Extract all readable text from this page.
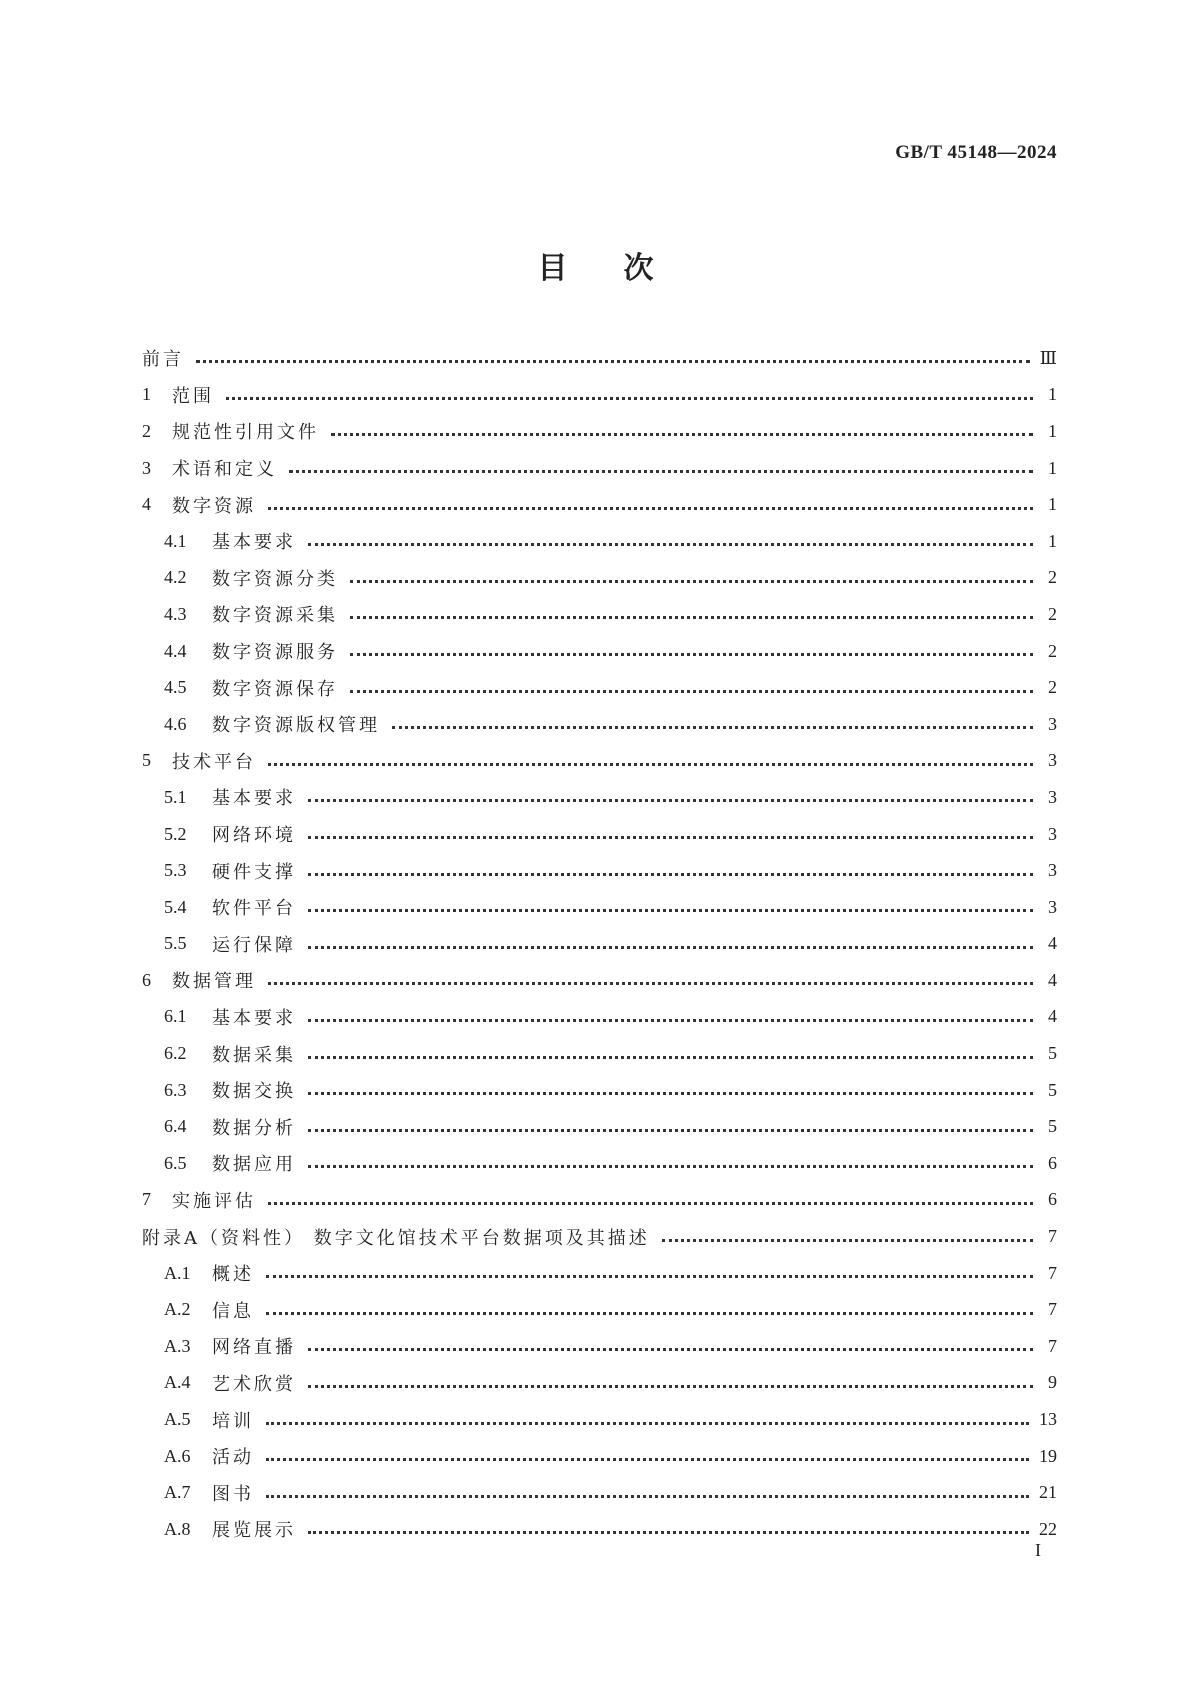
GB/T 45148—2024
目次
前言	Ⅲ
1	范围	1
2	规范性引用文件	1
3	术语和定义	1
4	数字资源	1
4.1	基本要求	1
4.2	数字资源分类	2
4.3	数字资源采集	2
4.4	数字资源服务	2
4.5	数字资源保存	2
4.6	数字资源版权管理	3
5	技术平台	3
5.1	基本要求	3
5.2	网络环境	3
5.3	硬件支撑	3
5.4	软件平台	3
5.5	运行保障	4
6	数据管理	4
6.1	基本要求	4
6.2	数据采集	5
6.3	数据交换	5
6.4	数据分析	5
6.5	数据应用	6
7	实施评估	6
附录A（资料性） 数字文化馆技术平台数据项及其描述	7
A.1	概述	7
A.2	信息	7
A.3	网络直播	7
A.4	艺术欣赏	9
A.5	培训	13
A.6	活动	19
A.7	图书	21
A.8	展览展示	22
I
